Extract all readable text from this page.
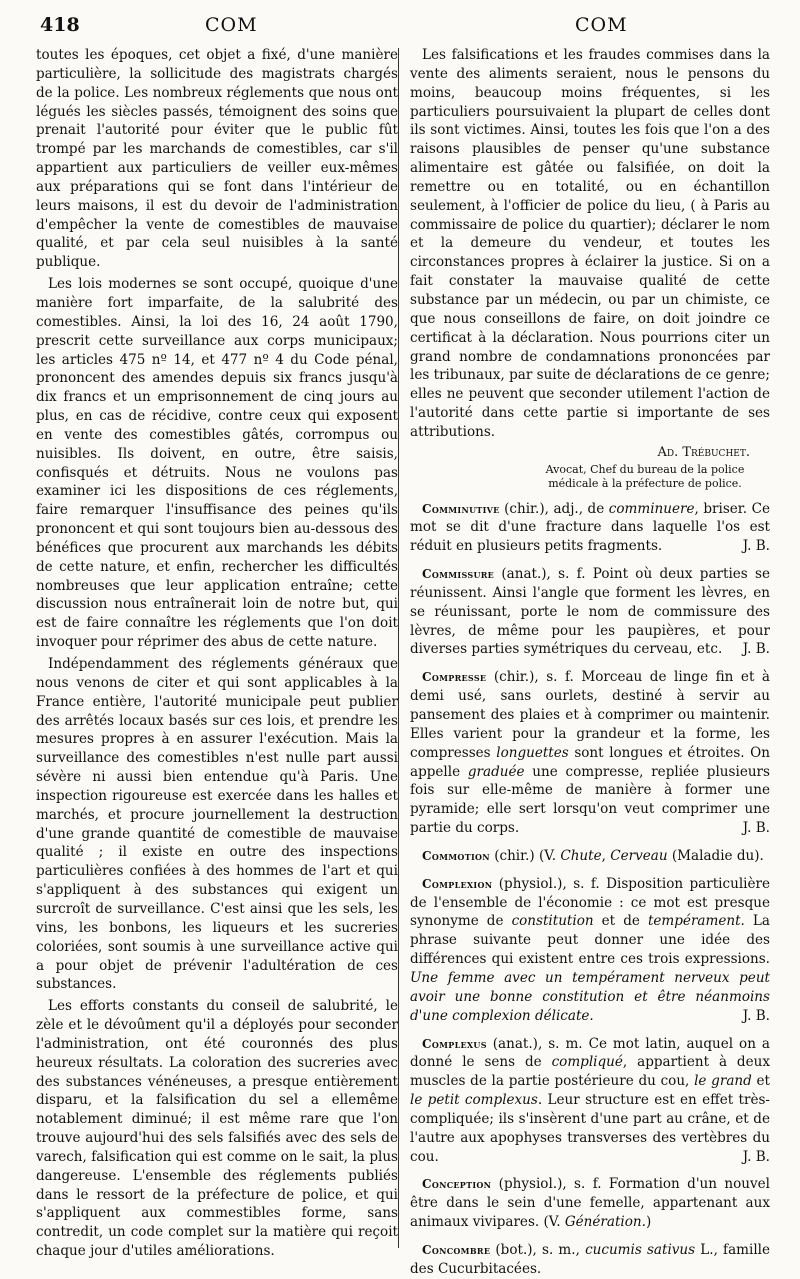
418	COM	COM

toutes les époques, cet objet a fixé, d'une manière particulière, la sollicitude des magistrats chargés de la police. Les nombreux réglements que nous ont légués les siècles passés, témoignent des soins que prenait l'autorité pour éviter que le public fût trompé par les marchands de comestibles, car s'il appartient aux particuliers de veiller eux-mêmes aux préparations qui se font dans l'intérieur de leurs maisons, il est du devoir de l'administration d'empêcher la vente de comestibles de mauvaise qualité, et par cela seul nuisibles à la santé publique.

Les lois modernes se sont occupé, quoique d'une manière fort imparfaite, de la salubrité des comestibles. Ainsi, la loi des 16, 24 août 1790, prescrit cette surveillance aux corps municipaux; les articles 475 nº 14, et 477 nº 4 du Code pénal, prononcent des amendes depuis six francs jusqu'à dix francs et un emprisonnement de cinq jours au plus, en cas de récidive, contre ceux qui exposent en vente des comestibles gâtés, corrompus ou nuisibles. Ils doivent, en outre, être saisis, confisqués et détruits. Nous ne voulons pas examiner ici les dispositions de ces réglements, faire remarquer l'insuffisance des peines qu'ils prononcent et qui sont toujours bien au-dessous des bénéfices que procurent aux marchands les débits de cette nature, et enfin, rechercher les difficultés nombreuses que leur application entraîne; cette discussion nous entraînerait loin de notre but, qui est de faire connaître les réglements que l'on doit invoquer pour réprimer des abus de cette nature.

Indépendamment des réglements généraux que nous venons de citer et qui sont applicables à la France entière, l'autorité municipale peut publier des arrêtés locaux basés sur ces lois, et prendre les mesures propres à en assurer l'exécution. Mais la surveillance des comestibles n'est nulle part aussi sévère ni aussi bien entendue qu'à Paris. Une inspection rigoureuse est exercée dans les halles et marchés, et procure journellement la destruction d'une grande quantité de comestible de mauvaise qualité ; il existe en outre des inspections particulières confiées à des hommes de l'art et qui s'appliquent à des substances qui exigent un surcroît de surveillance. C'est ainsi que les sels, les vins, les bonbons, les liqueurs et les sucreries coloriées, sont soumis à une surveillance active qui a pour objet de prévenir l'adultération de ces substances.

Les efforts constants du conseil de salubrité, le zèle et le dévoûment qu'il a déployés pour seconder l'administration, ont été couronnés des plus heureux résultats. La coloration des sucreries avec des substances vénéneuses, a presque entièrement disparu, et la falsification du sel a ellemême notablement diminué; il est même rare que l'on trouve aujourd'hui des sels falsifiés avec des sels de varech, falsification qui est comme on le sait, la plus dangereuse. L'ensemble des réglements publiés dans le ressort de la préfecture de police, et qui s'appliquent aux commestibles forme, sans contredit, un code complet sur la matière qui reçoit chaque jour d'utiles améliorations.

Les falsifications et les fraudes commises dans la vente des aliments seraient, nous le pensons du moins, beaucoup moins fréquentes, si les particuliers poursuivaient la plupart de celles dont ils sont victimes. Ainsi, toutes les fois que l'on a des raisons plausibles de penser qu'une substance alimentaire est gâtée ou falsifiée, on doit la remettre ou en totalité, ou en échantillon seulement, à l'officier de police du lieu, ( à Paris au commissaire de police du quartier); déclarer le nom et la demeure du vendeur, et toutes les circonstances propres à éclairer la justice. Si on a fait constater la mauvaise qualité de cette substance par un médecin, ou par un chimiste, ce que nous conseillons de faire, on doit joindre ce certificat à la déclaration. Nous pourrions citer un grand nombre de condamnations prononcées par les tribunaux, par suite de déclarations de ce genre; elles ne peuvent que seconder utilement l'action de l'autorité dans cette partie si importante de ses attributions.

Ad. Trébuchet.
Avocat, Chef du bureau de la police médicale à la préfecture de police.
Comminutive (chir.), adj., de comminuere, briser. Ce mot se dit d'une fracture dans laquelle l'os est réduit en plusieurs petits fragments.	J. B.
Commissure (anat.), s. f. Point où deux parties se réunissent. Ainsi l'angle que forment les lèvres, en se réunissant, porte le nom de commissure des lèvres, de même pour les paupières, et pour diverses parties symétriques du cerveau, etc.	J. B.
Compresse (chir.), s. f. Morceau de linge fin et à demi usé, sans ourlets, destiné à servir au pansement des plaies et à comprimer ou maintenir. Elles varient pour la grandeur et la forme, les compresses longuettes sont longues et étroites. On appelle graduée une compresse, repliée plusieurs fois sur elle-même de manière à former une pyramide; elle sert lorsqu'on veut comprimer une partie du corps.	J. B.
Commotion (chir.) (V. Chute, Cerveau (Maladie du).
Complexion (physiol.), s. f. Disposition particulière de l'ensemble de l'économie : ce mot est presque synonyme de constitution et de tempérament. La phrase suivante peut donner une idée des différences qui existent entre ces trois expressions. Une femme avec un tempérament nerveux peut avoir une bonne constitution et être néanmoins d'une complexion délicate.	J. B.
Complexus (anat.), s. m. Ce mot latin, auquel on a donné le sens de compliqué, appartient à deux muscles de la partie postérieure du cou, le grand et le petit complexus. Leur structure est en effet très-compliquée; ils s'insèrent d'une part au crâne, et de l'autre aux apophyses transverses des vertèbres du cou.	J. B.
Conception (physiol.), s. f. Formation d'un nouvel être dans le sein d'une femelle, appartenant aux animaux vivipares. (V. Génération.)
Concombre (bot.), s. m., cucumis sativus L., famille des Cucurbitacées.
